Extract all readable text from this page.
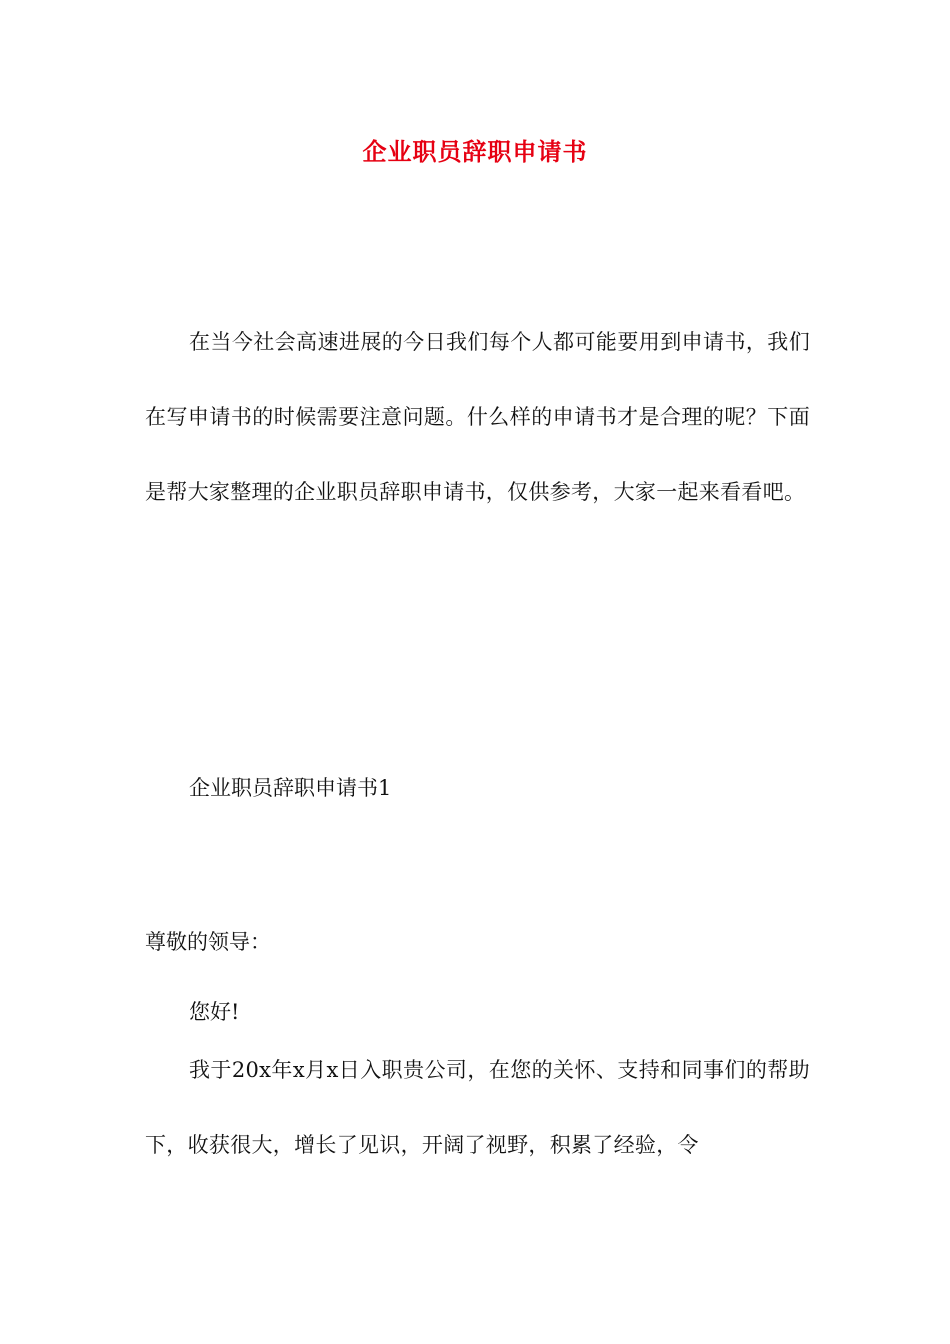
企业职员辞职申请书

在当今社会高速进展的今日我们每个人都可能要用到申请书，我们在写申请书的时候需要注意问题。什么样的申请书才是合理的呢？下面是帮大家整理的企业职员辞职申请书，仅供参考，大家一起来看看吧。

企业职员辞职申请书1

尊敬的领导：

您好!

我于20x年x月x日入职贵公司，在您的关怀、支持和同事们的帮助下，收获很大，增长了见识，开阔了视野，积累了经验，令
